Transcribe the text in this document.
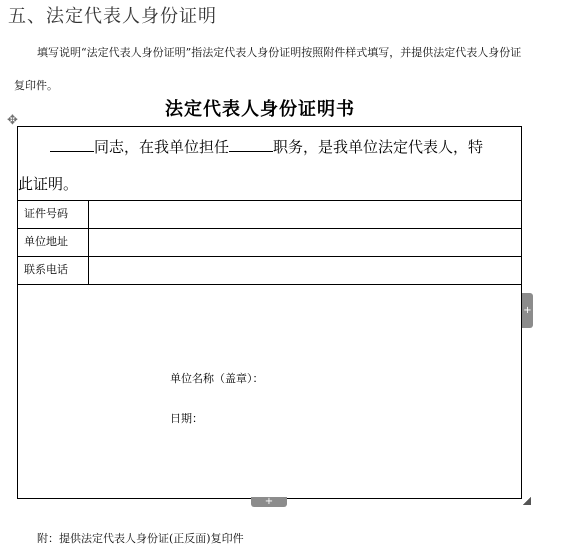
五、法定代表人身份证明
填写说明“法定代表人身份证明”指法定代表人身份证明按照附件样式填写，并提供法定代表人身份证复印件。
法定代表人身份证明书
✥
同志，在我单位担任	职务，是我单位法定代表人，特
此证明。
证件号码
单位地址
联系电话
单位名称（盖章）：
日期：
+
+
附：提供法定代表人身份证(正反面)复印件
